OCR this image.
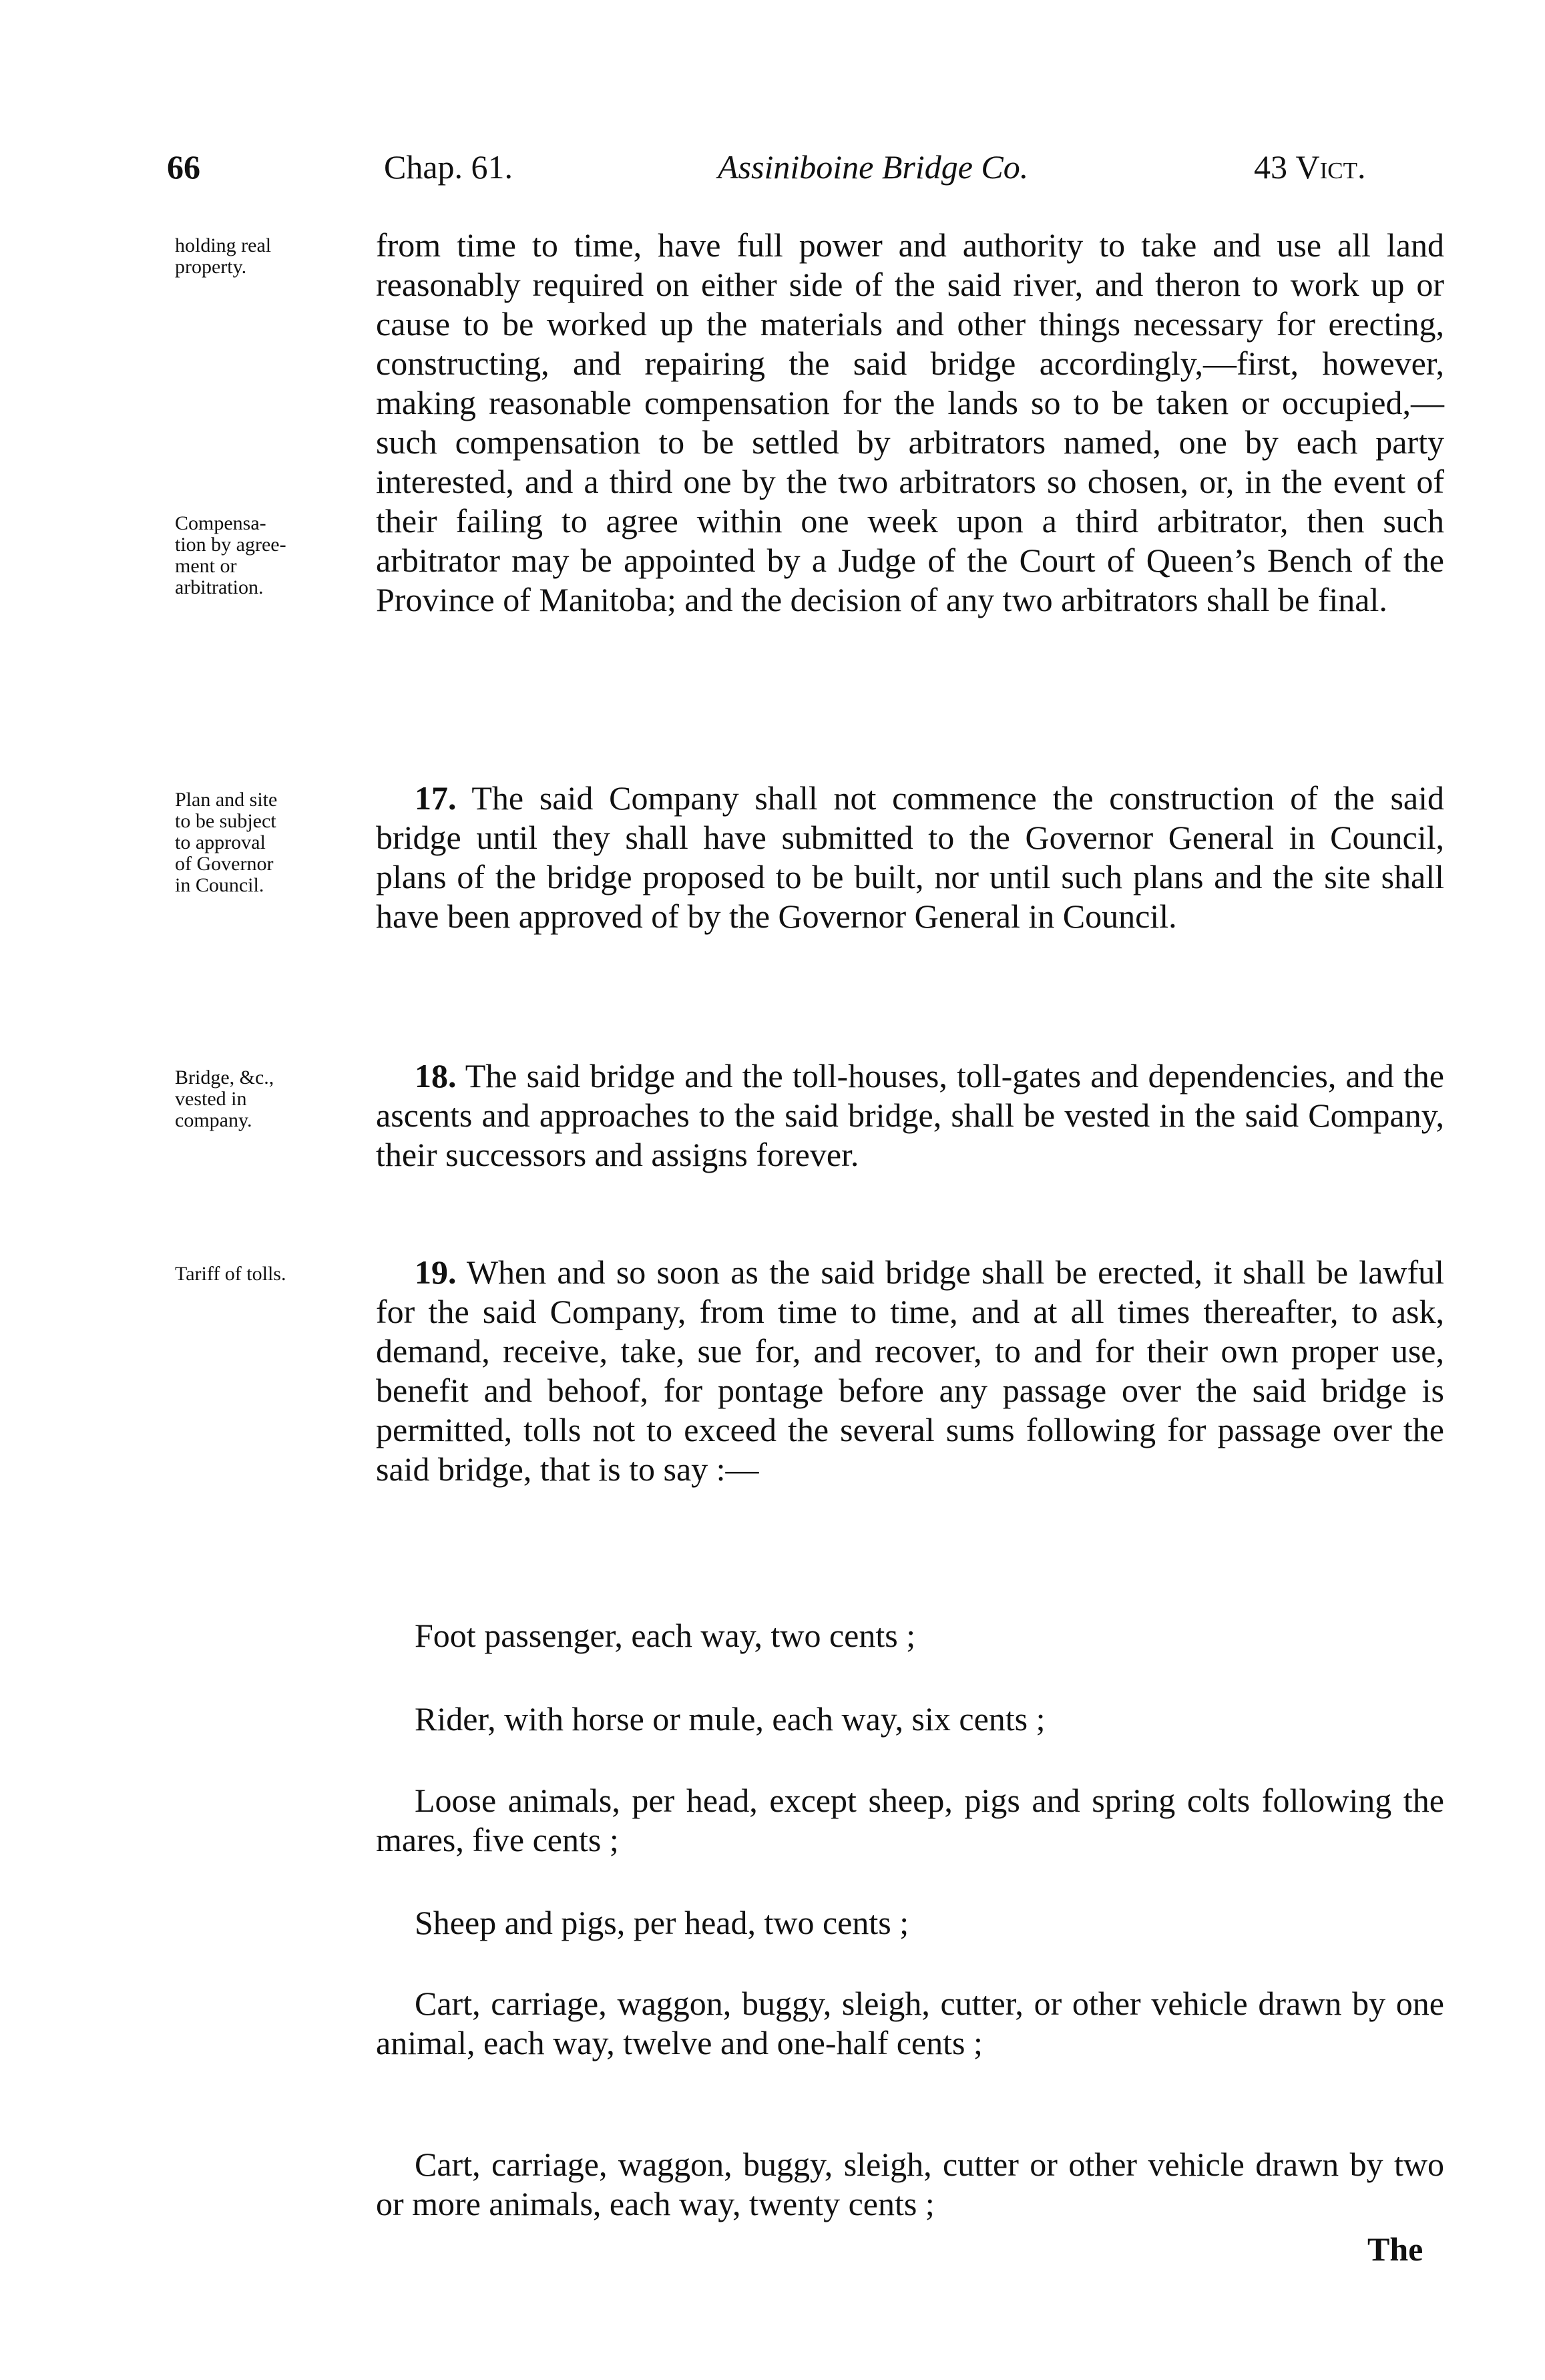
66	Chap. 61.	Assiniboine Bridge Co.	43 Vict.
holding real
property.
Compensa-
tion by agree-
ment or
arbitration.
Plan and site
to be subject
to approval
of Governor
in Council.
Bridge, &c.,
vested in
company.
Tariff of tolls.

from time to time, have full power and authority to take and use all land reasonably required on either side of the said river, and theron to work up or cause to be worked up the materials and other things necessary for erecting, constructing, and repairing the said bridge accordingly,—first, however, making reasonable compensation for the lands so to be taken or occupied,—such compensation to be settled by arbitrators named, one by each party interested, and a third one by the two arbitrators so chosen, or, in the event of their failing to agree within one week upon a third arbitrator, then such arbitrator may be appointed by a Judge of the Court of Queen’s Bench of the Province of Manitoba; and the decision of any two arbitrators shall be final.

17. The said Company shall not commence the construction of the said bridge until they shall have submitted to the Governor General in Council, plans of the bridge proposed to be built, nor until such plans and the site shall have been approved of by the Governor General in Council.

18. The said bridge and the toll-houses, toll-gates and dependencies, and the ascents and approaches to the said bridge, shall be vested in the said Company, their successors and assigns forever.

19. When and so soon as the said bridge shall be erected, it shall be lawful for the said Company, from time to time, and at all times thereafter, to ask, demand, receive, take, sue for, and recover, to and for their own proper use, benefit and behoof, for pontage before any passage over the said bridge is permitted, tolls not to exceed the several sums following for passage over the said bridge, that is to say :—

Foot passenger, each way, two cents ;

Rider, with horse or mule, each way, six cents ;

Loose animals, per head, except sheep, pigs and spring colts following the mares, five cents ;

Sheep and pigs, per head, two cents ;

Cart, carriage, waggon, buggy, sleigh, cutter, or other vehicle drawn by one animal, each way, twelve and one-half cents ;

Cart, carriage, waggon, buggy, sleigh, cutter or other vehicle drawn by two or more animals, each way, twenty cents ;

The
